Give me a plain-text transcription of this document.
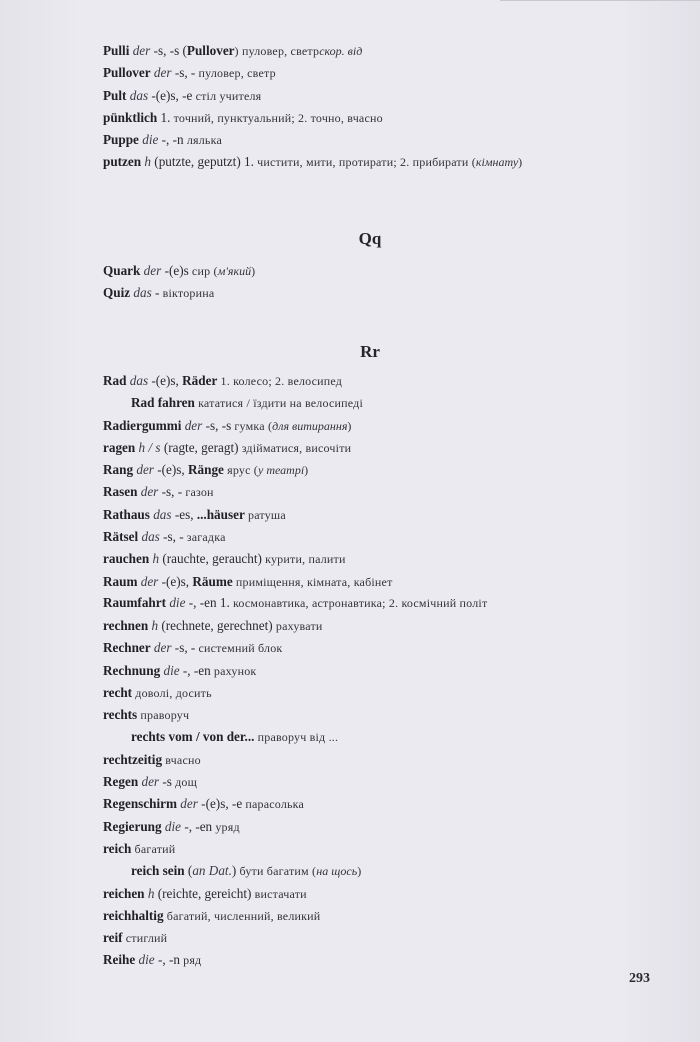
Pulli der -s, -s (Pullover) пуловер, светрскор. від

Pullover der -s, - пуловер, светр

Pult das -(e)s, -e стіл учителя

pünktlich 1. точний, пунктуальний; 2. точно, вчасно

Puppe die -, -n лялька

putzen h (putzte, geputzt) 1. чистити, мити, протирати; 2. прибирати (кімнату)

Qq

Quark der -(e)s сир (м'який)

Quiz das - вікторина

Rr

Rad das -(e)s, Räder 1. колесо; 2. велосипед

Rad fahren кататися / їздити на велосипеді

Radiergummi der -s, -s гумка (для витирання)

ragen h / s (ragte, geragt) здійматися, височіти

Rang der -(e)s, Ränge ярус (у театрі)

Rasen der -s, - газон

Rathaus das -es, ...häuser ратуша

Rätsel das -s, - загадка

rauchen h (rauchte, geraucht) курити, палити

Raum der -(e)s, Räume приміщення, кімната, кабінет

Raumfahrt die -, -en 1. космонавтика, астронавтика; 2. космічний політ

rechnen h (rechnete, gerechnet) рахувати

Rechner der -s, - системний блок

Rechnung die -, -en рахунок

recht доволі, досить

rechts праворуч

rechts vom / von der... праворуч від ...

rechtzeitig вчасно

Regen der -s дощ

Regenschirm der -(e)s, -e парасолька

Regierung die -, -en уряд

reich багатий

reich sein (an Dat.) бути багатим (на щось)

reichen h (reichte, gereicht) вистачати

reichhaltig багатий, численний, великий

reif стиглий

Reihe die -, -n ряд

293
